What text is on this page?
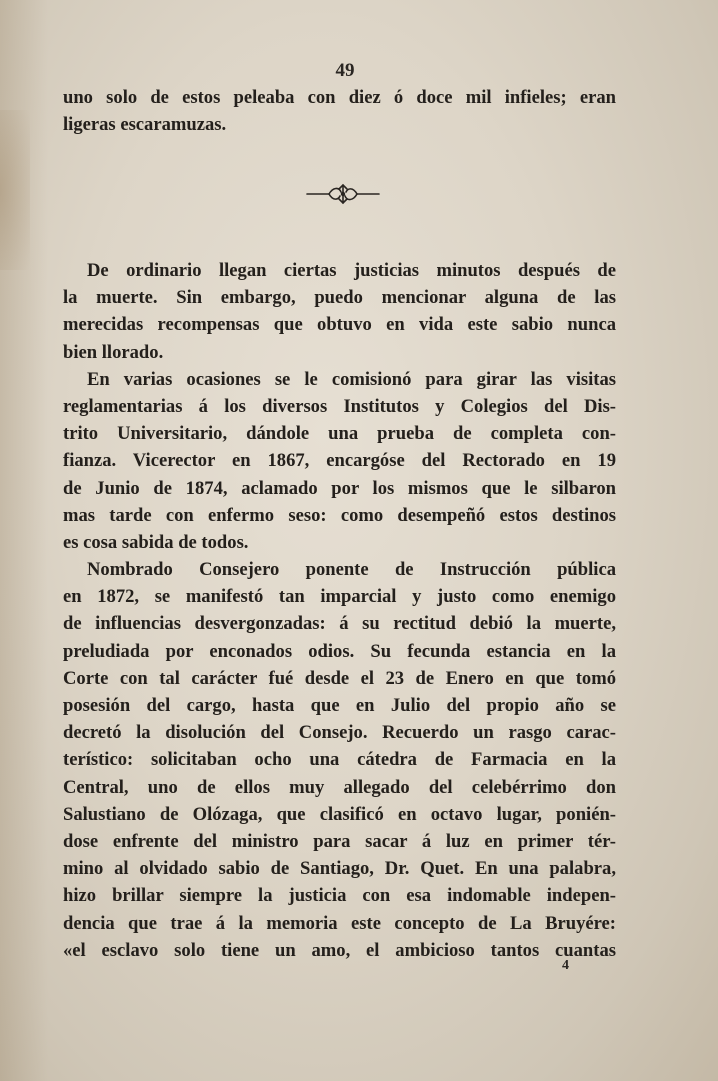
49
uno solo de estos peleaba con diez ó doce mil infieles; eran
ligeras escaramuzas.
De ordinario llegan ciertas justicias minutos después de
la muerte. Sin embargo, puedo mencionar alguna de las
merecidas recompensas que obtuvo en vida este sabio nunca
bien llorado.
En varias ocasiones se le comisionó para girar las visitas
reglamentarias á los diversos Institutos y Colegios del Dis-
trito Universitario, dándole una prueba de completa con-
fianza. Vicerector en 1867, encargóse del Rectorado en 19
de Junio de 1874, aclamado por los mismos que le silbaron
mas tarde con enfermo seso: como desempeñó estos destinos
es cosa sabida de todos.
Nombrado Consejero ponente de Instrucción pública
en 1872, se manifestó tan imparcial y justo como enemigo
de influencias desvergonzadas: á su rectitud debió la muerte,
preludiada por enconados odios. Su fecunda estancia en la
Corte con tal carácter fué desde el 23 de Enero en que tomó
posesión del cargo, hasta que en Julio del propio año se
decretó la disolución del Consejo. Recuerdo un rasgo carac-
terístico: solicitaban ocho una cátedra de Farmacia en la
Central, uno de ellos muy allegado del celebérrimo don
Salustiano de Olózaga, que clasificó en octavo lugar, ponién-
dose enfrente del ministro para sacar á luz en primer tér-
mino al olvidado sabio de Santiago, Dr. Quet. En una palabra,
hizo brillar siempre la justicia con esa indomable indepen-
dencia que trae á la memoria este concepto de La Bruyére:
«el esclavo solo tiene un amo, el ambicioso tantos cuantas
4
